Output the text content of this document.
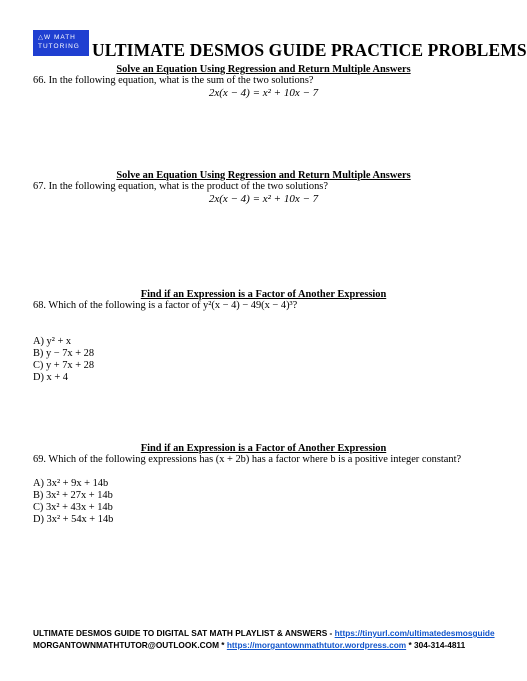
△W MATH
TUTORING ULTIMATE DESMOS GUIDE PRACTICE PROBLEMS
Solve an Equation Using Regression and Return Multiple Answers
66. In the following equation, what is the sum of the two solutions?
2x(x − 4) = x² + 10x − 7
Solve an Equation Using Regression and Return Multiple Answers
67. In the following equation, what is the product of the two solutions?
2x(x − 4) = x² + 10x − 7
Find if an Expression is a Factor of Another Expression
68. Which of the following is a factor of y²(x − 4) − 49(x − 4)³?
A) y² + x
B) y − 7x + 28
C) y + 7x + 28
D) x + 4
Find if an Expression is a Factor of Another Expression
69. Which of the following expressions has (x + 2b) has a factor where b is a positive integer constant?
A) 3x² + 9x + 14b
B) 3x² + 27x + 14b
C) 3x² + 43x + 14b
D) 3x² + 54x + 14b
ULTIMATE DESMOS GUIDE TO DIGITAL SAT MATH PLAYLIST & ANSWERS - https://tinyurl.com/ultimatedesmosguide
MORGANTOWNMATHTUTOR@OUTLOOK.COM * https://morgantownmathtutor.wordpress.com * 304-314-4811
